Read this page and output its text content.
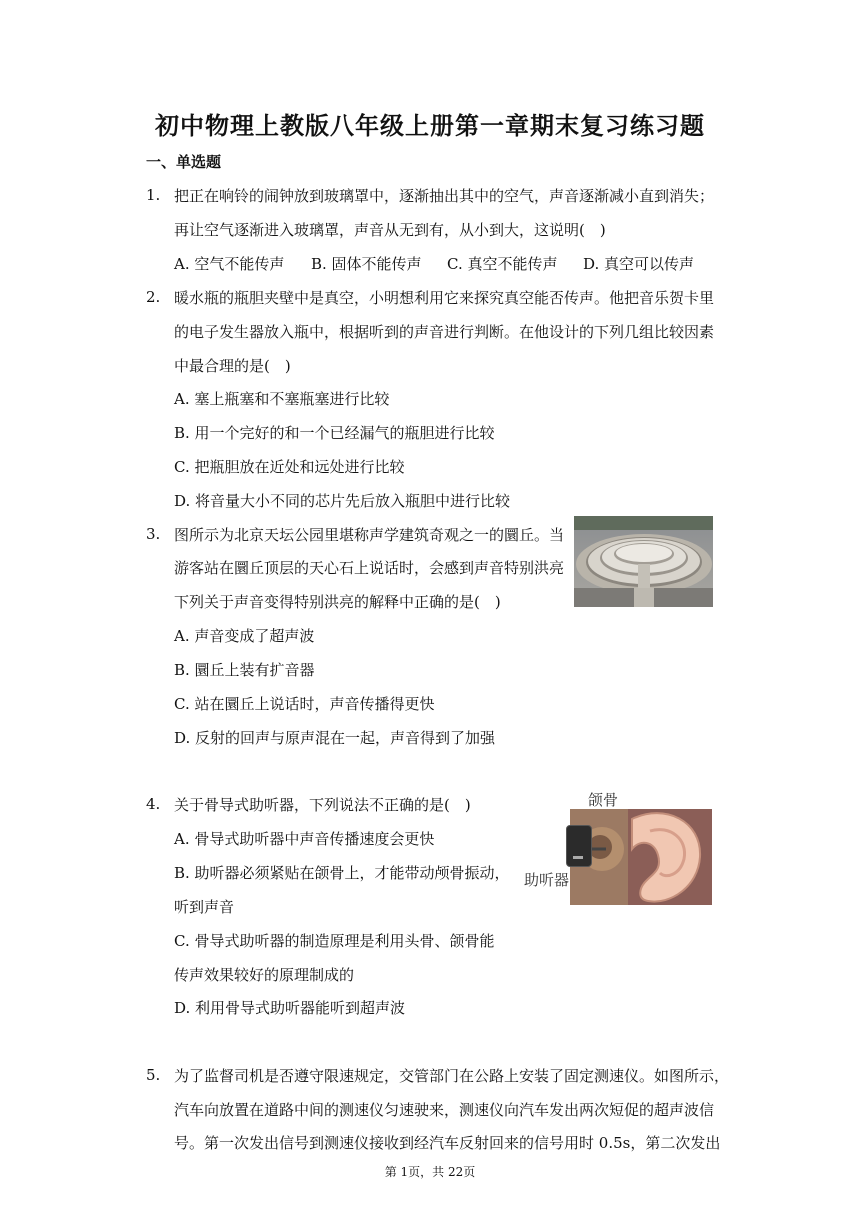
初中物理上教版八年级上册第一章期末复习练习题
一、单选题
1. 把正在响铃的闹钟放到玻璃罩中，逐渐抽出其中的空气，声音逐渐减小直到消失；
再让空气逐渐进入玻璃罩，声音从无到有，从小到大，这说明(　)
A. 空气不能传声 B. 固体不能传声 C. 真空不能传声 D. 真空可以传声
2. 暖水瓶的瓶胆夹壁中是真空，小明想利用它来探究真空能否传声。他把音乐贺卡里
的电子发生器放入瓶中，根据听到的声音进行判断。在他设计的下列几组比较因素
中最合理的是(　)
A. 塞上瓶塞和不塞瓶塞进行比较
B. 用一个完好的和一个已经漏气的瓶胆进行比较
C. 把瓶胆放在近处和远处进行比较
D. 将音量大小不同的芯片先后放入瓶胆中进行比较
3. 图所示为北京天坛公园里堪称声学建筑奇观之一的圜丘。当
游客站在圜丘顶层的天心石上说话时，会感到声音特别洪亮
下列关于声音变得特别洪亮的解释中正确的是(　)
A. 声音变成了超声波
B. 圜丘上装有扩音器
C. 站在圜丘上说话时，声音传播得更快
D. 反射的回声与原声混在一起，声音得到了加强
4. 关于骨导式助听器，下列说法不正确的是(　)
A. 骨导式助听器中声音传播速度会更快
B. 助听器必须紧贴在颌骨上，才能带动颅骨振动，
听到声音
C. 骨导式助听器的制造原理是利用头骨、颌骨能
传声效果较好的原理制成的
D. 利用骨导式助听器能听到超声波
颌骨
助听器
5. 为了监督司机是否遵守限速规定，交管部门在公路上安装了固定测速仪。如图所示，
汽车向放置在道路中间的测速仪匀速驶来，测速仪向汽车发出两次短促的超声波信
号。第一次发出信号到测速仪接收到经汽车反射回来的信号用时 0.5s，第二次发出
第 1页，共 22页
